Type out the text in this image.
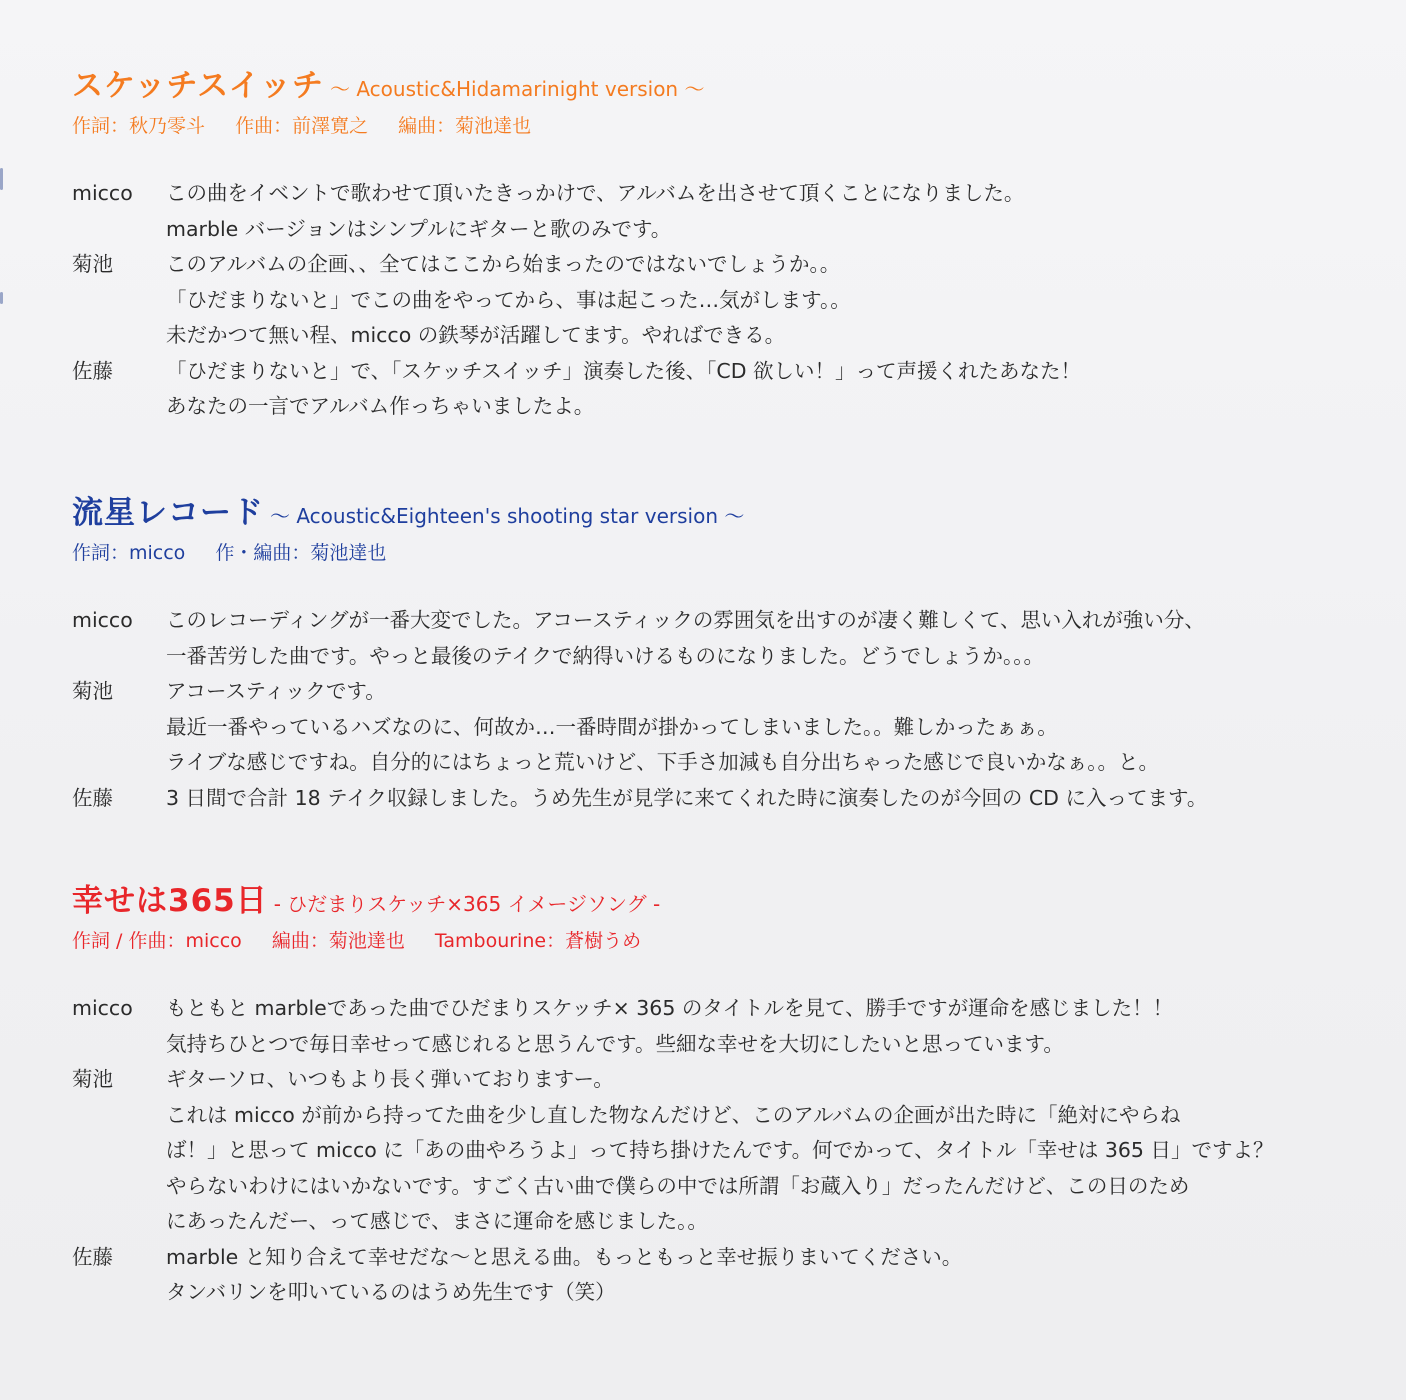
スケッチスイッチ ～ Acoustic&Hidamarinight version ～
作詞：秋乃零斗 作曲：前澤寛之 編曲：菊池達也
micco	この曲をイベントで歌わせて頂いたきっかけで、アルバムを出させて頂くことになりました。
marble バージョンはシンプルにギターと歌のみです。
菊池	このアルバムの企画、、全てはここから始まったのではないでしょうか。。
「ひだまりないと」でこの曲をやってから、事は起こった…気がします。。
未だかつて無い程、micco の鉄琴が活躍してます。やればできる。
佐藤	「ひだまりないと」で、「スケッチスイッチ」演奏した後、「CD 欲しい！」って声援くれたあなた！
あなたの一言でアルバム作っちゃいましたよ。
流星レコード ～ Acoustic&Eighteen's shooting star version ～
作詞：micco 作・編曲：菊池達也
micco	このレコーディングが一番大変でした。アコースティックの雰囲気を出すのが凄く難しくて、思い入れが強い分、
一番苦労した曲です。やっと最後のテイクで納得いけるものになりました。どうでしょうか。。。
菊池	アコースティックです。
最近一番やっているハズなのに、何故か…一番時間が掛かってしまいました。。難しかったぁぁ。
ライブな感じですね。自分的にはちょっと荒いけど、下手さ加減も自分出ちゃった感じで良いかなぁ。。と。
佐藤	3 日間で合計 18 テイク収録しました。うめ先生が見学に来てくれた時に演奏したのが今回の CD に入ってます。
幸せは365日 - ひだまりスケッチ×365 イメージソング -
作詞 / 作曲：micco 編曲：菊池達也 Tambourine：蒼樹うめ
micco	もともと marbleであった曲でひだまりスケッチ× 365 のタイトルを見て、勝手ですが運命を感じました！！
気持ちひとつで毎日幸せって感じれると思うんです。些細な幸せを大切にしたいと思っています。
菊池	ギターソロ、いつもより長く弾いておりますー。
これは micco が前から持ってた曲を少し直した物なんだけど、このアルバムの企画が出た時に「絶対にやらね
ば！」と思って micco に「あの曲やろうよ」って持ち掛けたんです。何でかって、タイトル「幸せは 365 日」ですよ？
やらないわけにはいかないです。すごく古い曲で僕らの中では所謂「お蔵入り」だったんだけど、この日のため
にあったんだー、って感じで、まさに運命を感じました。。
佐藤	marble と知り合えて幸せだな～と思える曲。もっともっと幸せ振りまいてください。
タンバリンを叩いているのはうめ先生です（笑）
